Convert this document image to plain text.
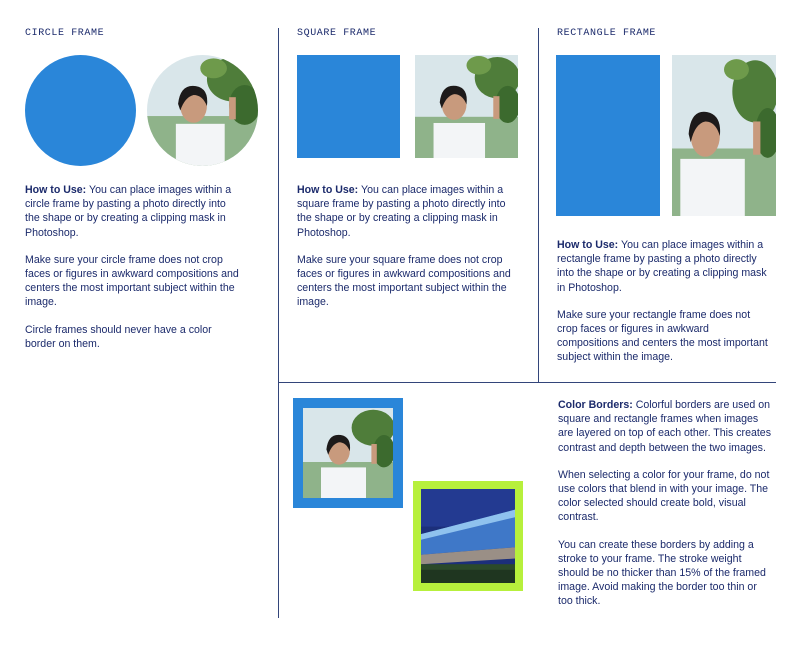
CIRCLE FRAME

How to Use: You can place images within a circle frame by pasting a photo directly into the shape or by creating a clipping mask in Photoshop.

Make sure your circle frame does not crop faces or figures in awkward compositions and centers the most important subject within the image.

Circle frames should never have a color border on them.

SQUARE FRAME

How to Use: You can place images within a square frame by pasting a photo directly into the shape or by creating a clipping mask in Photoshop.

Make sure your square frame does not crop faces or figures in awkward compositions and centers the most important subject within the image.

RECTANGLE FRAME

How to Use: You can place images within a rectangle frame by pasting a photo directly into the shape or by creating a clipping mask in Photoshop.

Make sure your rectangle frame does not crop faces or figures in awkward compositions and centers the most important subject within the image.

Color Borders: Colorful borders are used on square and rectangle frames when images are layered on top of each other. This creates contrast and depth between the two images.

When selecting a color for your frame, do not use colors that blend in with your image. The color selected should create bold, visual contrast.

You can create these borders by adding a stroke to your frame. The stroke weight should be no thicker than 15% of the framed image. Avoid making the border too thin or too thick.
